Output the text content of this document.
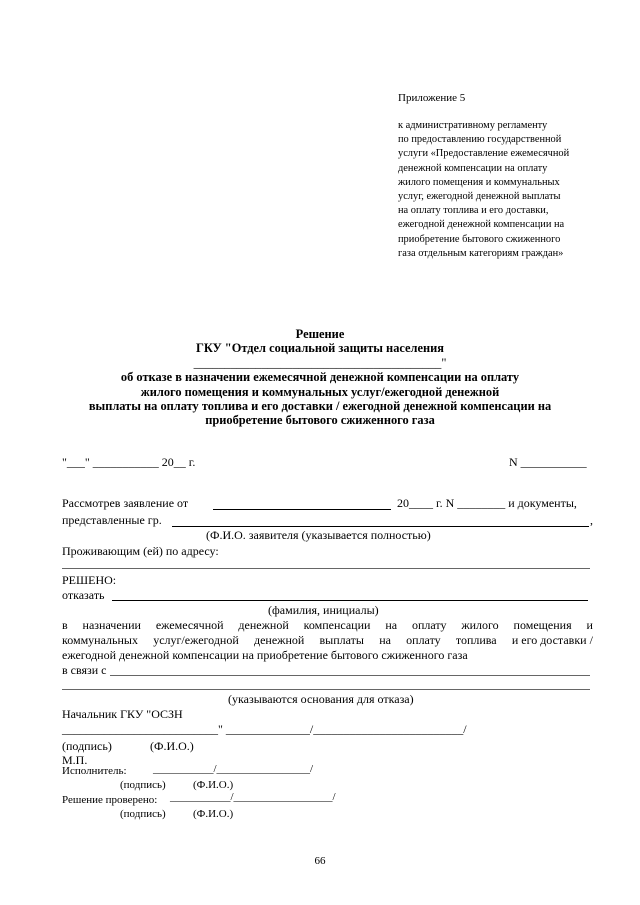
Приложение 5
к административному регламенту
по предоставлению государственной
услуги «Предоставление ежемесячной
денежной компенсации на оплату
жилого помещения и коммунальных
услуг, ежегодной денежной выплаты
на оплату топлива и его доставки,
ежегодной денежной компенсации на
приобретение бытового сжиженного
газа отдельным категориям граждан»
Решение
ГКУ "Отдел социальной защиты населения
________________________________________"
об отказе в назначении ежемесячной денежной компенсации на оплату
жилого помещения и коммунальных услуг/ежегодной денежной
выплаты на оплату топлива и его доставки / ежегодной денежной компенсации на
приобретение бытового сжиженного газа
"___" ___________ 20__ г.	N ___________
Рассмотрев заявление от	20____ г. N ________ и документы,
представленные гр.	,
(Ф.И.О. заявителя (указывается полностью)
Проживающим (ей) по адресу:
РЕШЕНО:
отказать
(фамилия, инициалы)
в назначении ежемесячной денежной компенсации на оплату жилого помещения и
коммунальных услуг/ежегодной денежной выплаты на оплату топлива и его доставки /
ежегодной денежной компенсации на приобретение бытового сжиженного газа
в связи с
(указываются основания для отказа)
Начальник ГКУ "ОСЗН
__________________________" ______________/_________________________/
(подпись)	(Ф.И.О.)
М.П.
Исполнитель: ___________/_________________/
(подпись) (Ф.И.О.)
Решение проверено: ___________/__________________/
(подпись) (Ф.И.О.)
66
